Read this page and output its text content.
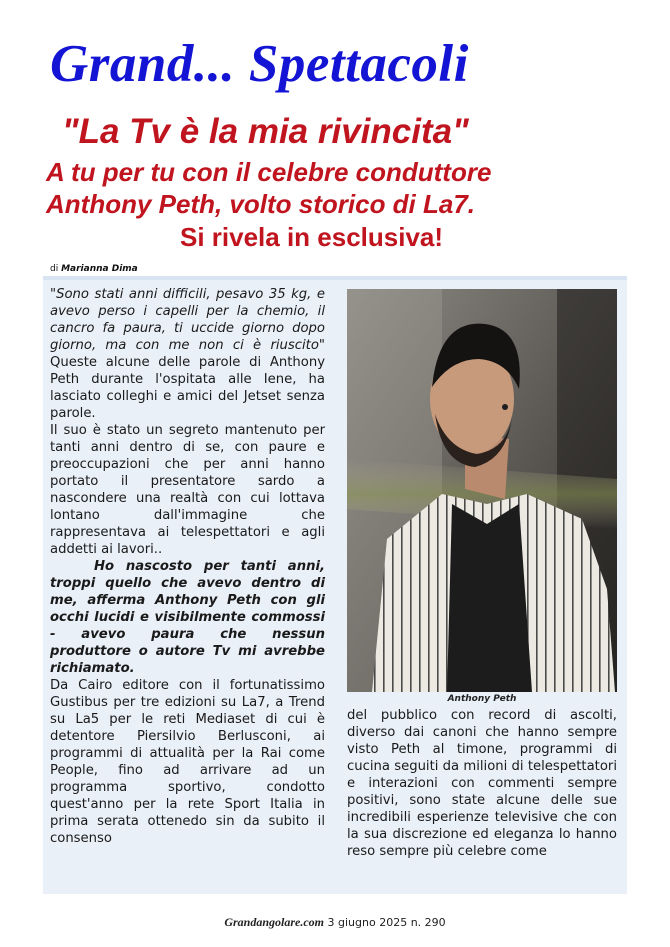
Grand... Spettacoli
"La Tv è la mia rivincita"
A tu per tu con il celebre conduttore
Anthony Peth, volto storico di La7.
Si rivela in esclusiva!
di Marianna Dima

"Sono stati anni difficili, pesavo 35 kg, e avevo perso i capelli per la chemio, il cancro fa paura, ti uccide giorno dopo giorno, ma con me non ci è riuscito" Queste alcune delle parole di Anthony Peth durante l'ospitata alle Iene, ha lasciato colleghi e amici del Jetset senza parole.

Il suo è stato un segreto mantenuto per tanti anni dentro di se, con paure e preoccupazioni che per anni hanno portato il presentatore sardo a nascondere una realtà con cui lottava lontano dall'immagine che rappresentava ai telespettatori e agli addetti ai lavori..

Ho nascosto per tanti anni, troppi quello che avevo dentro di me, afferma Anthony Peth con gli occhi lucidi e visibilmente commossi - avevo paura che nessun produttore o autore Tv mi avrebbe richiamato.

Da Cairo editore con il fortunatissimo Gustibus per tre edizioni su La7, a Trend su La5 per le reti Mediaset di cui è detentore Piersilvio Berlusconi, ai programmi di attualità per la Rai come People, fino ad arrivare ad un programma sportivo, condotto quest'anno per la rete Sport Italia in prima serata ottenedo sin da subito il consenso

Anthony Peth
del pubblico con record di ascolti, diverso dai canoni che hanno sempre visto Peth al timone, programmi di cucina seguiti da milioni di telespettatori e interazioni con commenti sempre positivi, sono state alcune delle sue incredibili esperienze televisive che con la sua discrezione ed eleganza lo hanno reso sempre più celebre come
Grandangolare.com 3 giugno 2025 n. 290
